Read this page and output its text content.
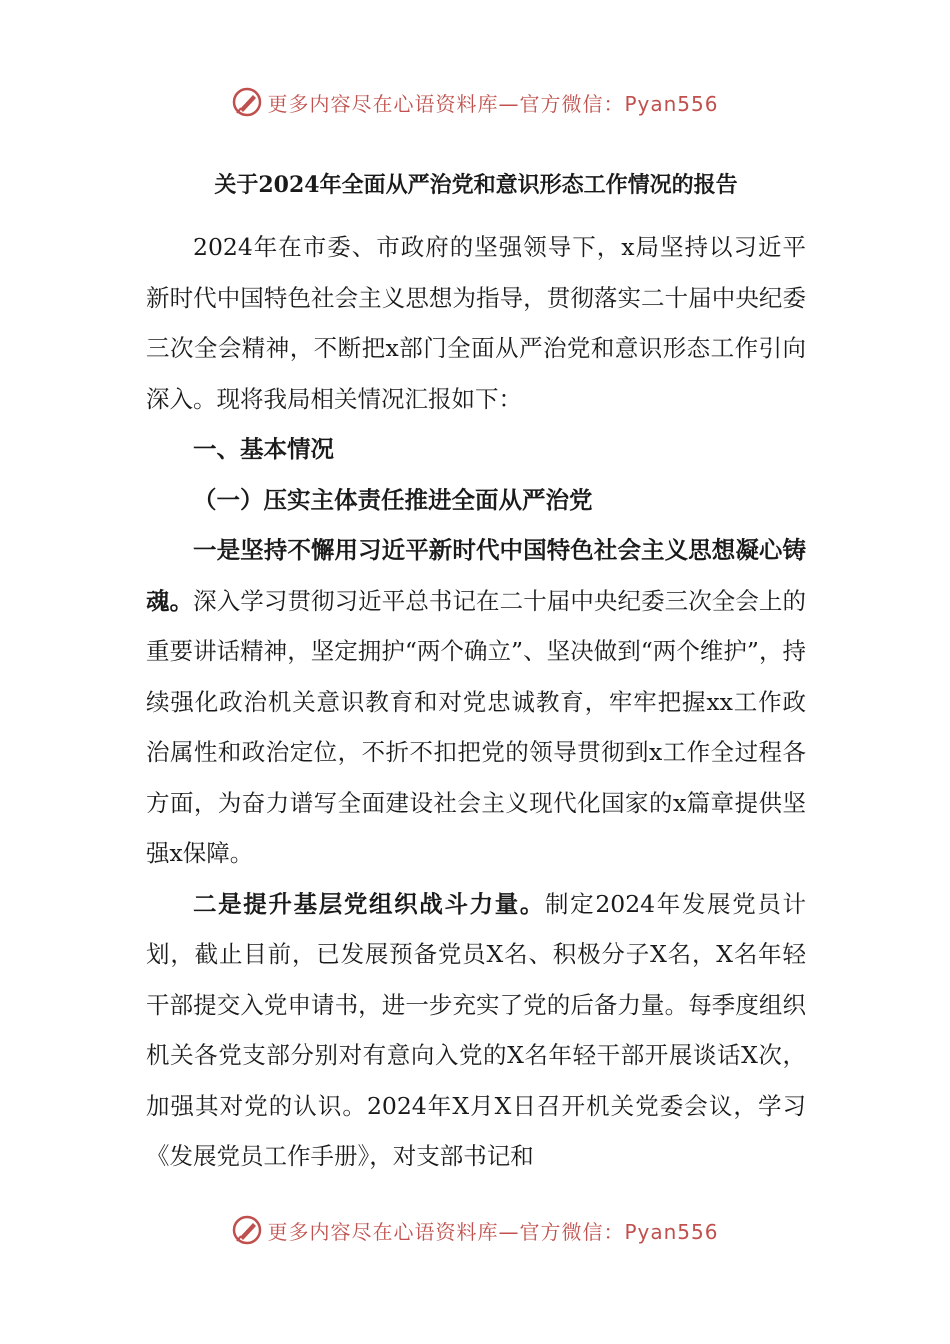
更多内容尽在心语资料库—官方微信：Pyan556
关于2024年全面从严治党和意识形态工作情况的报告

2024年在市委、市政府的坚强领导下，x局坚持以习近平新时代中国特色社会主义思想为指导，贯彻落实二十届中央纪委三次全会精神，不断把x部门全面从严治党和意识形态工作引向深入。现将我局相关情况汇报如下：

一、基本情况

（一）压实主体责任推进全面从严治党

一是坚持不懈用习近平新时代中国特色社会主义思想凝心铸魂。深入学习贯彻习近平总书记在二十届中央纪委三次全会上的重要讲话精神，坚定拥护“两个确立”、坚决做到“两个维护”，持续强化政治机关意识教育和对党忠诚教育，牢牢把握xx工作政治属性和政治定位，不折不扣把党的领导贯彻到x工作全过程各方面，为奋力谱写全面建设社会主义现代化国家的x篇章提供坚强x保障。

二是提升基层党组织战斗力量。制定2024年发展党员计划，截止目前，已发展预备党员X名、积极分子X名，X名年轻干部提交入党申请书，进一步充实了党的后备力量。每季度组织机关各党支部分别对有意向入党的X名年轻干部开展谈话X次，加强其对党的认识。2024年X月X日召开机关党委会议，学习《发展党员工作手册》，对支部书记和

更多内容尽在心语资料库—官方微信：Pyan556
